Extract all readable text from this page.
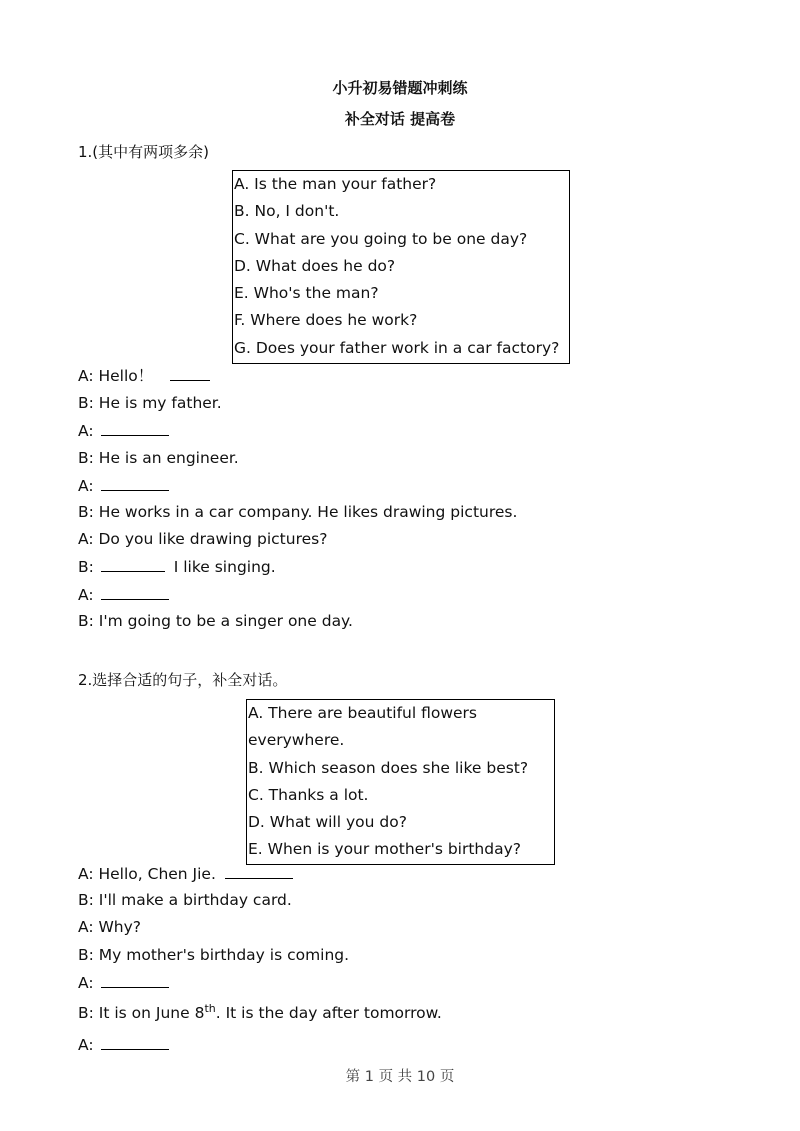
小升初易错题冲刺练
补全对话 提高卷
1.(其中有两项多余)
A. Is the man your father?
B. No, I don't.
C. What are you going to be one day?
D. What does he do?
E. Who's the man?
F. Where does he work?
G. Does your father work in a car factory?
A: Hello！
B: He is my father.
A:
B: He is an engineer.
A:
B: He works in a car company. He likes drawing pictures.
A: Do you like drawing pictures?
B:	I like singing.
A:
B: I'm going to be a singer one day.
2.选择合适的句子，补全对话。
A. There are beautiful flowers
everywhere.
B. Which season does she like best?
C. Thanks a lot.
D. What will you do?
E. When is your mother's birthday?
A: Hello, Chen Jie.
B: I'll make a birthday card.
A: Why?
B: My mother's birthday is coming.
A:
B: It is on June 8th. It is the day after tomorrow.
A:
第 1 页 共 10 页
